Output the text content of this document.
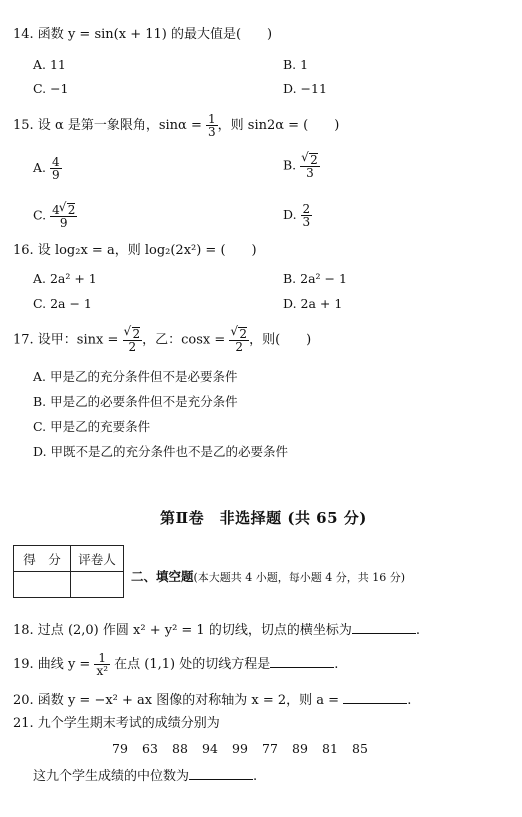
14. 函数 y = sin(x + 11) 的最大值是(　　)
A. 11	B. 1
C. −1	D. −11
15. 设 α 是第一象限角，$\sin\alpha = \frac{1}{3}$ ，则 sin2α = (　　)
A. $\frac{4}{9}$	B. √ $\frac{2}{3}$
C. $\frac{4 √ 2}{9}$	D. $\frac{2}{3}$
16. 设 log₂x = a，则 log₂(2x²) = (　　)
A. 2a² + 1	B. 2a² − 1
C. 2a − 1	D. 2a + 1
17. 设甲：sinx = √ $\frac{2}{2}$ ，乙：cosx = √ $\frac{2}{2}$ ，则(　　)
A. 甲是乙的充分条件但不是必要条件
B. 甲是乙的必要条件但不是充分条件
C. 甲是乙的充要条件
D. 甲既不是乙的充分条件也不是乙的必要条件
第Ⅱ卷　非选择题 (共 65 分)
得　分	评卷人

二、填空题(本大题共 4 小题，每小题 4 分，共 16 分)
18. 过点 (2,0) 作圆 x² + y² = 1 的切线，切点的横坐标为	.
19. 曲线 $y = \frac{1}{\text{x²}}$ 在点 (1,1) 处的切线方程是	.
20. 函数 y = −x² + ax 图像的对称轴为 x = 2，则 a =	.
21. 九个学生期末考试的成绩分别为
79 63 88 94 99 77 89 81 85
这九个学生成绩的中位数为	.
